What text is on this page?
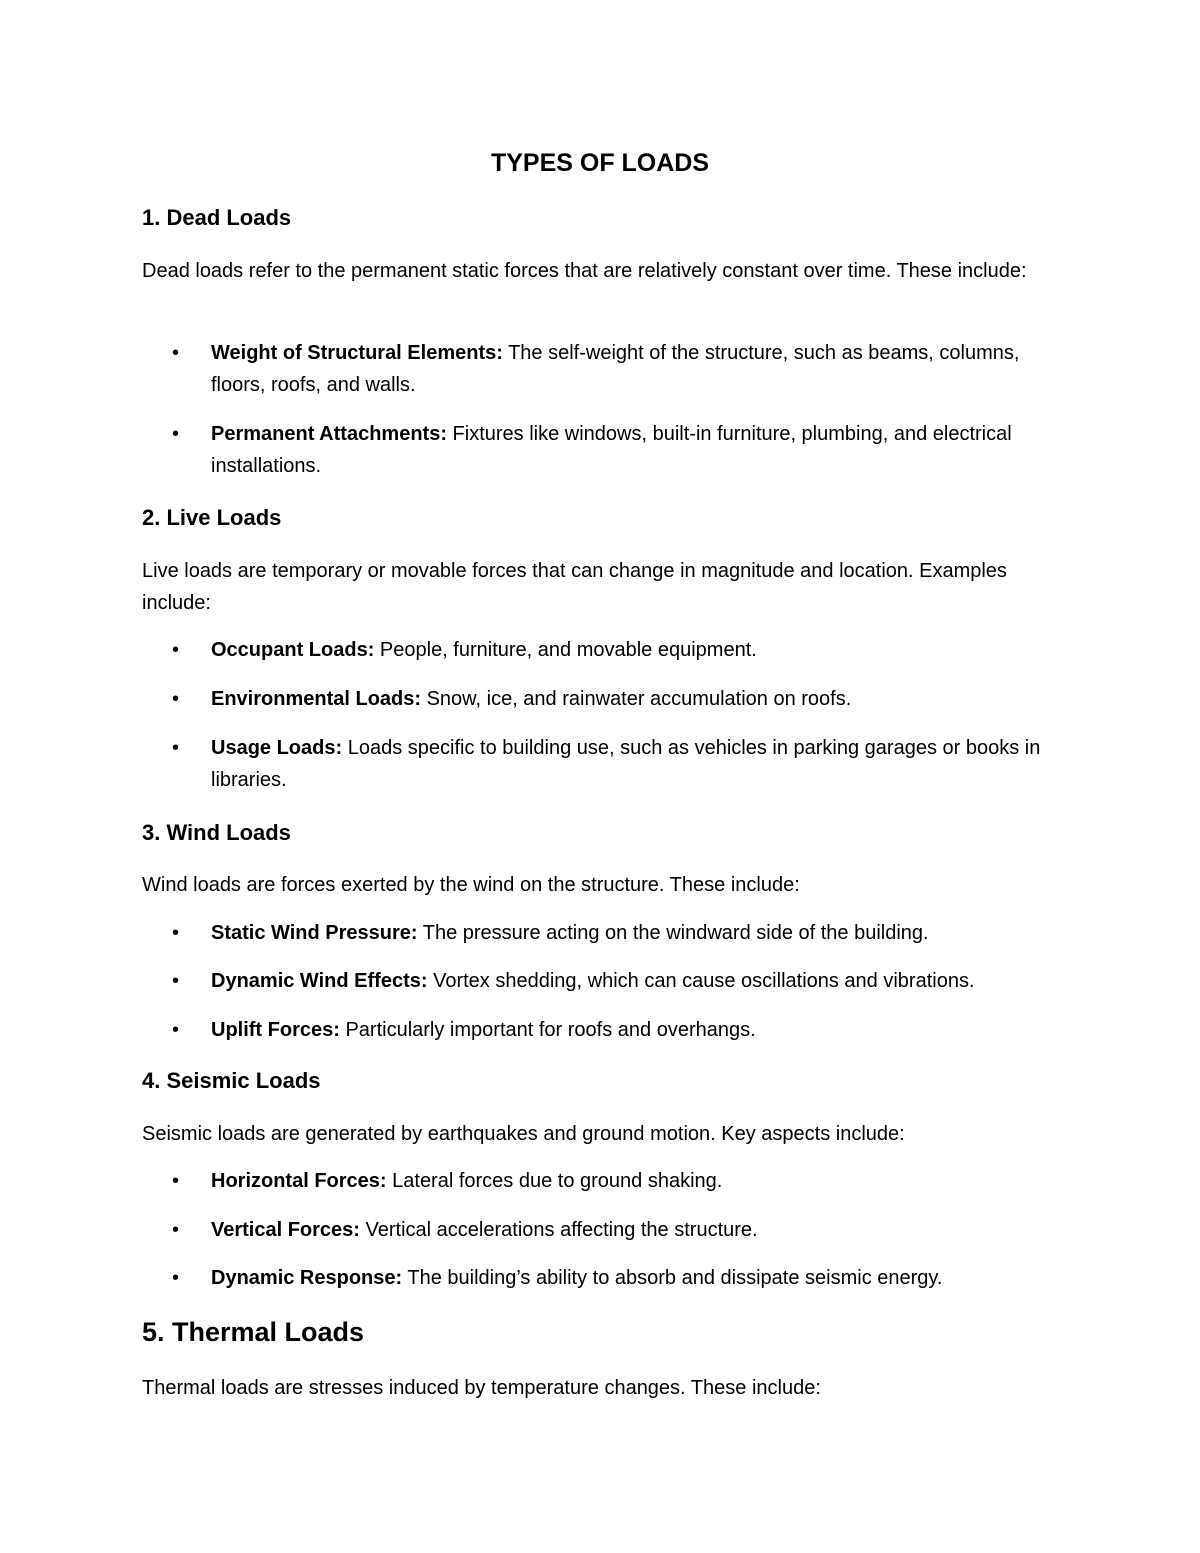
TYPES OF LOADS
1. Dead Loads

Dead loads refer to the permanent static forces that are relatively constant over time. These include:

•	Weight of Structural Elements: The self-weight of the structure, such as beams, columns, floors, roofs, and walls.
•	Permanent Attachments: Fixtures like windows, built-in furniture, plumbing, and electrical installations.
2. Live Loads

Live loads are temporary or movable forces that can change in magnitude and location. Examples include:

•	Occupant Loads: People, furniture, and movable equipment.
•	Environmental Loads: Snow, ice, and rainwater accumulation on roofs.
•	Usage Loads: Loads specific to building use, such as vehicles in parking garages or books in libraries.
3. Wind Loads

Wind loads are forces exerted by the wind on the structure. These include:

•	Static Wind Pressure: The pressure acting on the windward side of the building.
•	Dynamic Wind Effects: Vortex shedding, which can cause oscillations and vibrations.
•	Uplift Forces: Particularly important for roofs and overhangs.
4. Seismic Loads

Seismic loads are generated by earthquakes and ground motion. Key aspects include:

•	Horizontal Forces: Lateral forces due to ground shaking.
•	Vertical Forces: Vertical accelerations affecting the structure.
•	Dynamic Response: The building’s ability to absorb and dissipate seismic energy.
5. Thermal Loads

Thermal loads are stresses induced by temperature changes. These include:
